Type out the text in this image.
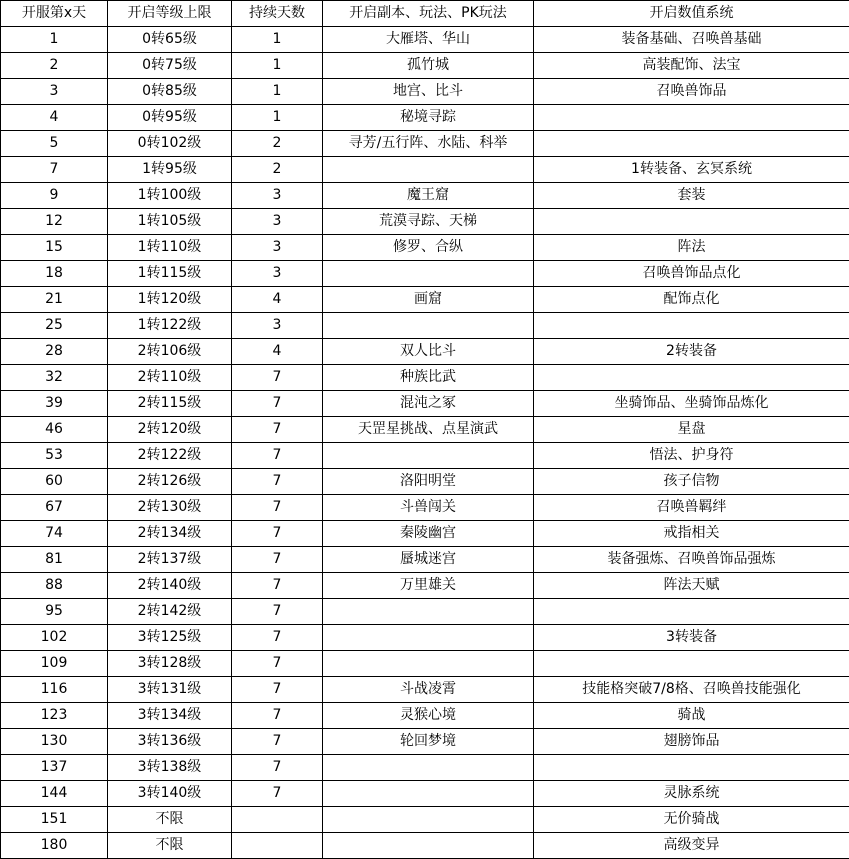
开服第x天	开启等级上限	持续天数	开启副本、玩法、PK玩法	开启数值系统
1	0转65级	1	大雁塔、华山	装备基础、召唤兽基础
2	0转75级	1	孤竹城	高装配饰、法宝
3	0转85级	1	地宫、比斗	召唤兽饰品
4	0转95级	1	秘境寻踪	
5	0转102级	2	寻芳/五行阵、水陆、科举	
7	1转95级	2		1转装备、玄冥系统
9	1转100级	3	魔王窟	套装
12	1转105级	3	荒漠寻踪、天梯	
15	1转110级	3	修罗、合纵	阵法
18	1转115级	3		召唤兽饰品点化
21	1转120级	4	画窟	配饰点化
25	1转122级	3		
28	2转106级	4	双人比斗	2转装备
32	2转110级	7	种族比武	
39	2转115级	7	混沌之冢	坐骑饰品、坐骑饰品炼化
46	2转120级	7	天罡星挑战、点星演武	星盘
53	2转122级	7		悟法、护身符
60	2转126级	7	洛阳明堂	孩子信物
67	2转130级	7	斗兽闯关	召唤兽羁绊
74	2转134级	7	秦陵幽宫	戒指相关
81	2转137级	7	蜃城迷宫	装备强炼、召唤兽饰品强炼
88	2转140级	7	万里雄关	阵法天赋
95	2转142级	7		
102	3转125级	7		3转装备
109	3转128级	7		
116	3转131级	7	斗战凌霄	技能格突破7/8格、召唤兽技能强化
123	3转134级	7	灵猴心境	骑战
130	3转136级	7	轮回梦境	翅膀饰品
137	3转138级	7		
144	3转140级	7		灵脉系统
151	不限			无价骑战
180	不限			高级变异
